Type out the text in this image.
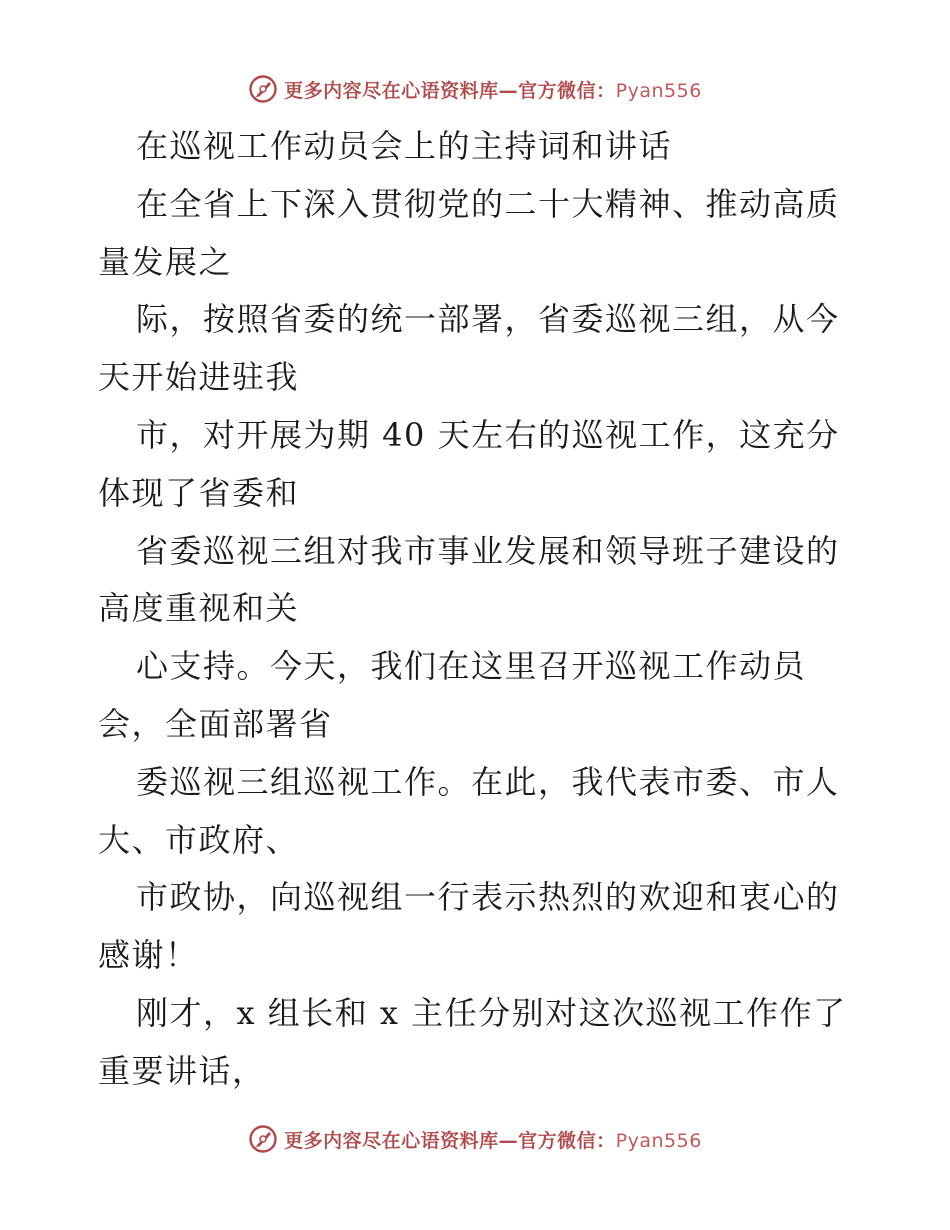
更多内容尽在心语资料库—官方微信：Pyan556
在巡视工作动员会上的主持词和讲话
在全省上下深入贯彻党的二十大精神、推动高质
量发展之
际，按照省委的统一部署，省委巡视三组，从今
天开始进驻我
市，对开展为期 40 天左右的巡视工作，这充分
体现了省委和
省委巡视三组对我市事业发展和领导班子建设的
高度重视和关
心支持。今天，我们在这里召开巡视工作动员
会，全面部署省
委巡视三组巡视工作。在此，我代表市委、市人
大、市政府、
市政协，向巡视组一行表示热烈的欢迎和衷心的
感谢！
刚才，x 组长和 x 主任分别对这次巡视工作作了
重要讲话，
更多内容尽在心语资料库—官方微信：Pyan556
